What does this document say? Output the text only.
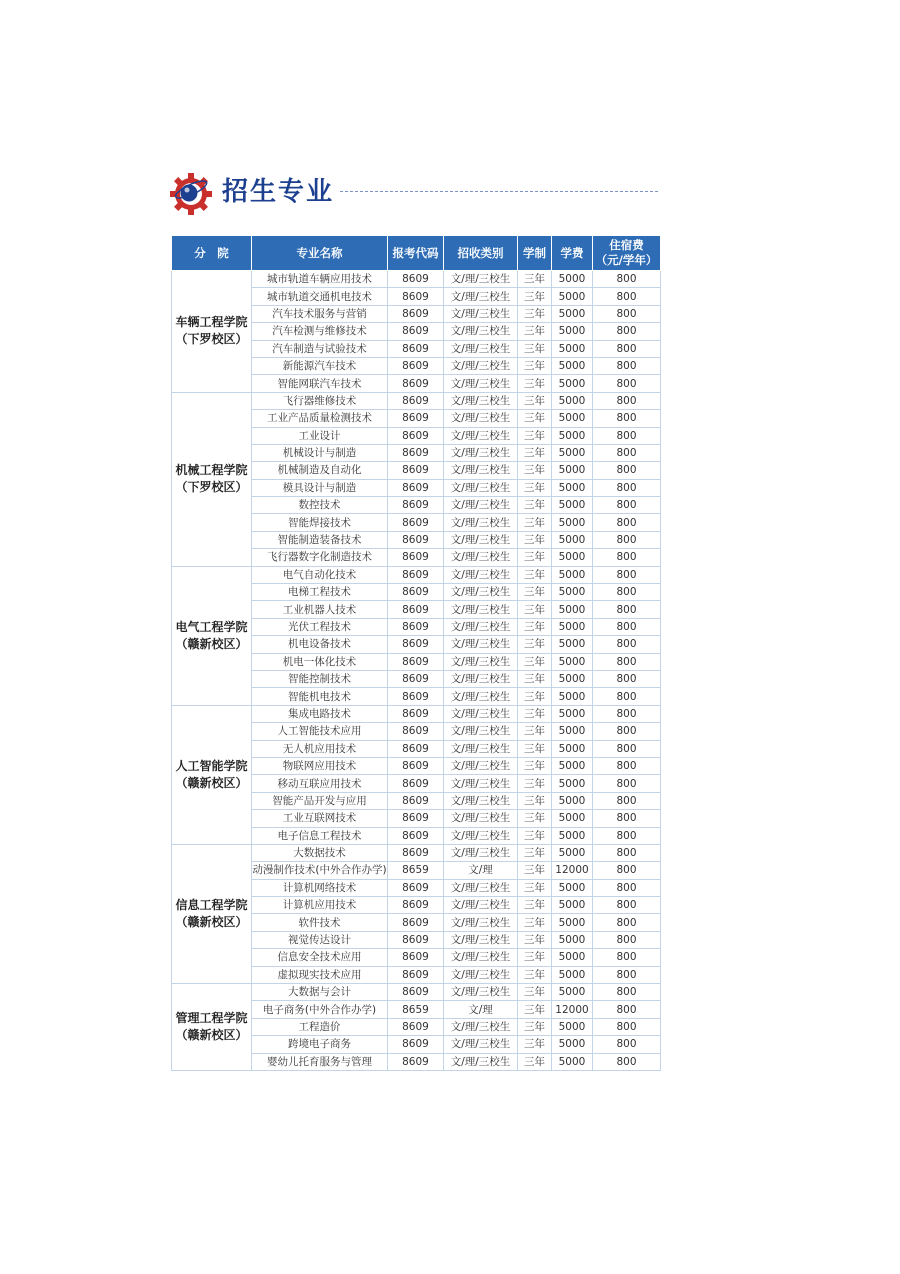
招生专业
分　院	专业名称	报考代码	招收类别	学制	学费	住宿费
（元/学年）

车辆工程学院
（下罗校区）	城市轨道车辆应用技术	8609	文/理/三校生	三年	5000	800
	城市轨道交通机电技术	8609	文/理/三校生	三年	5000	800
	汽车技术服务与营销	8609	文/理/三校生	三年	5000	800
	汽车检测与维修技术	8609	文/理/三校生	三年	5000	800
	汽车制造与试验技术	8609	文/理/三校生	三年	5000	800
	新能源汽车技术	8609	文/理/三校生	三年	5000	800
	智能网联汽车技术	8609	文/理/三校生	三年	5000	800

机械工程学院
（下罗校区）	飞行器维修技术	8609	文/理/三校生	三年	5000	800
	工业产品质量检测技术	8609	文/理/三校生	三年	5000	800
	工业设计	8609	文/理/三校生	三年	5000	800
	机械设计与制造	8609	文/理/三校生	三年	5000	800
	机械制造及自动化	8609	文/理/三校生	三年	5000	800
	模具设计与制造	8609	文/理/三校生	三年	5000	800
	数控技术	8609	文/理/三校生	三年	5000	800
	智能焊接技术	8609	文/理/三校生	三年	5000	800
	智能制造装备技术	8609	文/理/三校生	三年	5000	800
	飞行器数字化制造技术	8609	文/理/三校生	三年	5000	800

电气工程学院
（赣新校区）	电气自动化技术	8609	文/理/三校生	三年	5000	800
	电梯工程技术	8609	文/理/三校生	三年	5000	800
	工业机器人技术	8609	文/理/三校生	三年	5000	800
	光伏工程技术	8609	文/理/三校生	三年	5000	800
	机电设备技术	8609	文/理/三校生	三年	5000	800
	机电一体化技术	8609	文/理/三校生	三年	5000	800
	智能控制技术	8609	文/理/三校生	三年	5000	800
	智能机电技术	8609	文/理/三校生	三年	5000	800

人工智能学院
（赣新校区）	集成电路技术	8609	文/理/三校生	三年	5000	800
	人工智能技术应用	8609	文/理/三校生	三年	5000	800
	无人机应用技术	8609	文/理/三校生	三年	5000	800
	物联网应用技术	8609	文/理/三校生	三年	5000	800
	移动互联应用技术	8609	文/理/三校生	三年	5000	800
	智能产品开发与应用	8609	文/理/三校生	三年	5000	800
	工业互联网技术	8609	文/理/三校生	三年	5000	800
	电子信息工程技术	8609	文/理/三校生	三年	5000	800

信息工程学院
（赣新校区）	大数据技术	8609	文/理/三校生	三年	5000	800
	动漫制作技术(中外合作办学)	8659	文/理	三年	12000	800
	计算机网络技术	8609	文/理/三校生	三年	5000	800
	计算机应用技术	8609	文/理/三校生	三年	5000	800
	软件技术	8609	文/理/三校生	三年	5000	800
	视觉传达设计	8609	文/理/三校生	三年	5000	800
	信息安全技术应用	8609	文/理/三校生	三年	5000	800
	虚拟现实技术应用	8609	文/理/三校生	三年	5000	800

管理工程学院
（赣新校区）	大数据与会计	8609	文/理/三校生	三年	5000	800
	电子商务(中外合作办学)	8659	文/理	三年	12000	800
	工程造价	8609	文/理/三校生	三年	5000	800
	跨境电子商务	8609	文/理/三校生	三年	5000	800
	婴幼儿托育服务与管理	8609	文/理/三校生	三年	5000	800
